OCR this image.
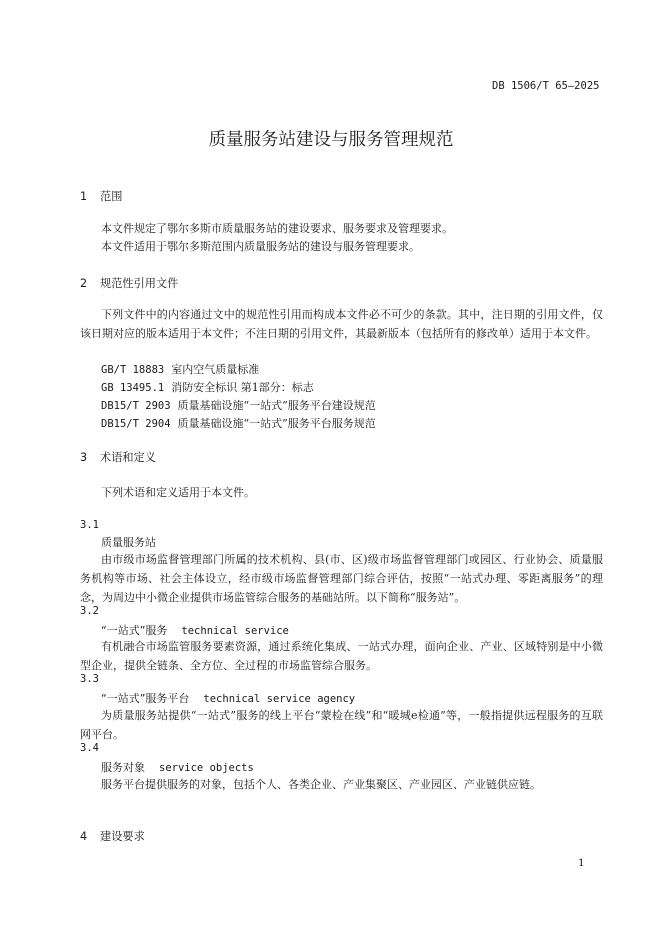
DB 1506/T 65—2025
质量服务站建设与服务管理规范
1 范围
本文件规定了鄂尔多斯市质量服务站的建设要求、服务要求及管理要求。
本文件适用于鄂尔多斯范围内质量服务站的建设与服务管理要求。
2 规范性引用文件
下列文件中的内容通过文中的规范性引用而构成本文件必不可少的条款。其中，注日期的引用文件，仅该日期对应的版本适用于本文件；不注日期的引用文件，其最新版本（包括所有的修改单）适用于本文件。
GB/T 18883 室内空气质量标准
GB 13495.1 消防安全标识 第1部分：标志
DB15/T 2903 质量基础设施“一站式”服务平台建设规范
DB15/T 2904 质量基础设施“一站式”服务平台服务规范
3 术语和定义
下列术语和定义适用于本文件。
3.1
质量服务站
由市级市场监督管理部门所属的技术机构、县(市、区)级市场监督管理部门或园区、行业协会、质量服务机构等市场、社会主体设立，经市级市场监督管理部门综合评估，按照“一站式办理、零距离服务”的理念，为周边中小微企业提供市场监管综合服务的基础站所。以下简称“服务站”。
3.2
“一站式”服务 technical service
有机融合市场监管服务要素资源，通过系统化集成、一站式办理，面向企业、产业、区域特别是中小微型企业，提供全链条、全方位、全过程的市场监管综合服务。
3.3
“一站式”服务平台 technical service agency
为质量服务站提供“一站式”服务的线上平台“蒙检在线”和“暖城e检通”等，一般指提供远程服务的互联网平台。
3.4
服务对象 service objects
服务平台提供服务的对象，包括个人、各类企业、产业集聚区、产业园区、产业链供应链。
4 建设要求
1
